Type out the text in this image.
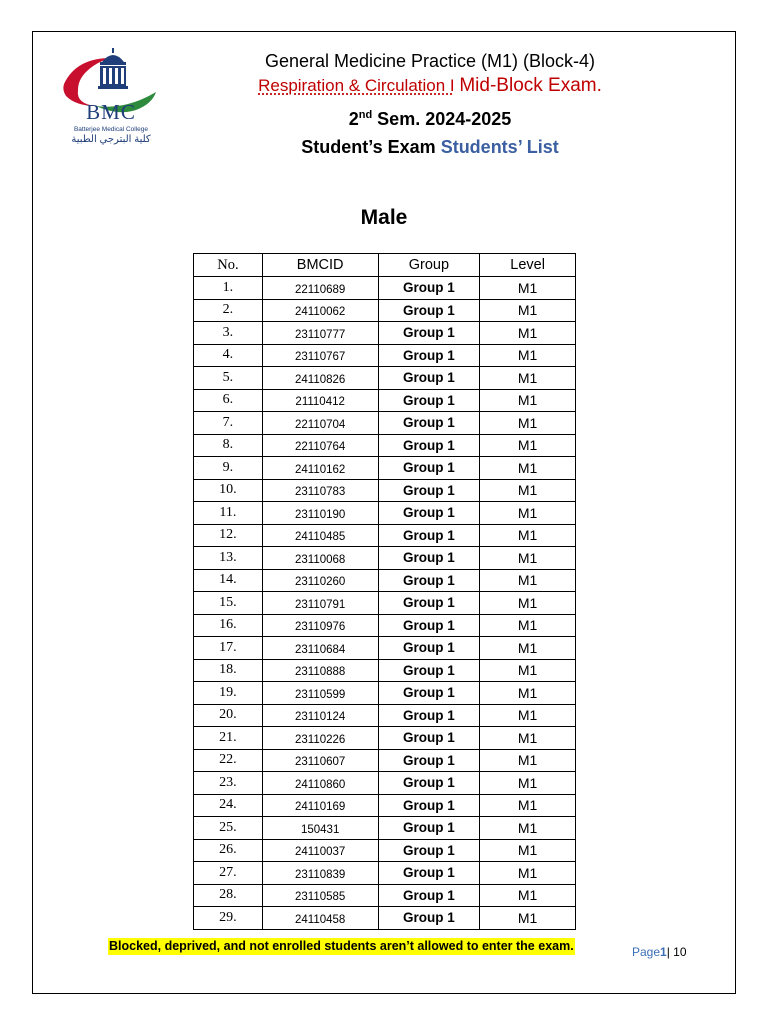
BMC
Batterjee Medical College
كلية البترجي الطبية
General Medicine Practice (M1) (Block-4)
Respiration & Circulation I Mid-Block Exam.
2nd Sem. 2024-2025
Student’s Exam Students’ List
Male
No.	BMCID	Group	Level
1.	22110689	Group 1	M1
2.	24110062	Group 1	M1
3.	23110777	Group 1	M1
4.	23110767	Group 1	M1
5.	24110826	Group 1	M1
6.	21110412	Group 1	M1
7.	22110704	Group 1	M1
8.	22110764	Group 1	M1
9.	24110162	Group 1	M1
10.	23110783	Group 1	M1
11.	23110190	Group 1	M1
12.	24110485	Group 1	M1
13.	23110068	Group 1	M1
14.	23110260	Group 1	M1
15.	23110791	Group 1	M1
16.	23110976	Group 1	M1
17.	23110684	Group 1	M1
18.	23110888	Group 1	M1
19.	23110599	Group 1	M1
20.	23110124	Group 1	M1
21.	23110226	Group 1	M1
22.	23110607	Group 1	M1
23.	24110860	Group 1	M1
24.	24110169	Group 1	M1
25.	150431	Group 1	M1
26.	24110037	Group 1	M1
27.	23110839	Group 1	M1
28.	23110585	Group 1	M1
29.	24110458	Group 1	M1
Blocked, deprived, and not enrolled students aren’t allowed to enter the exam.	Page1| 10
